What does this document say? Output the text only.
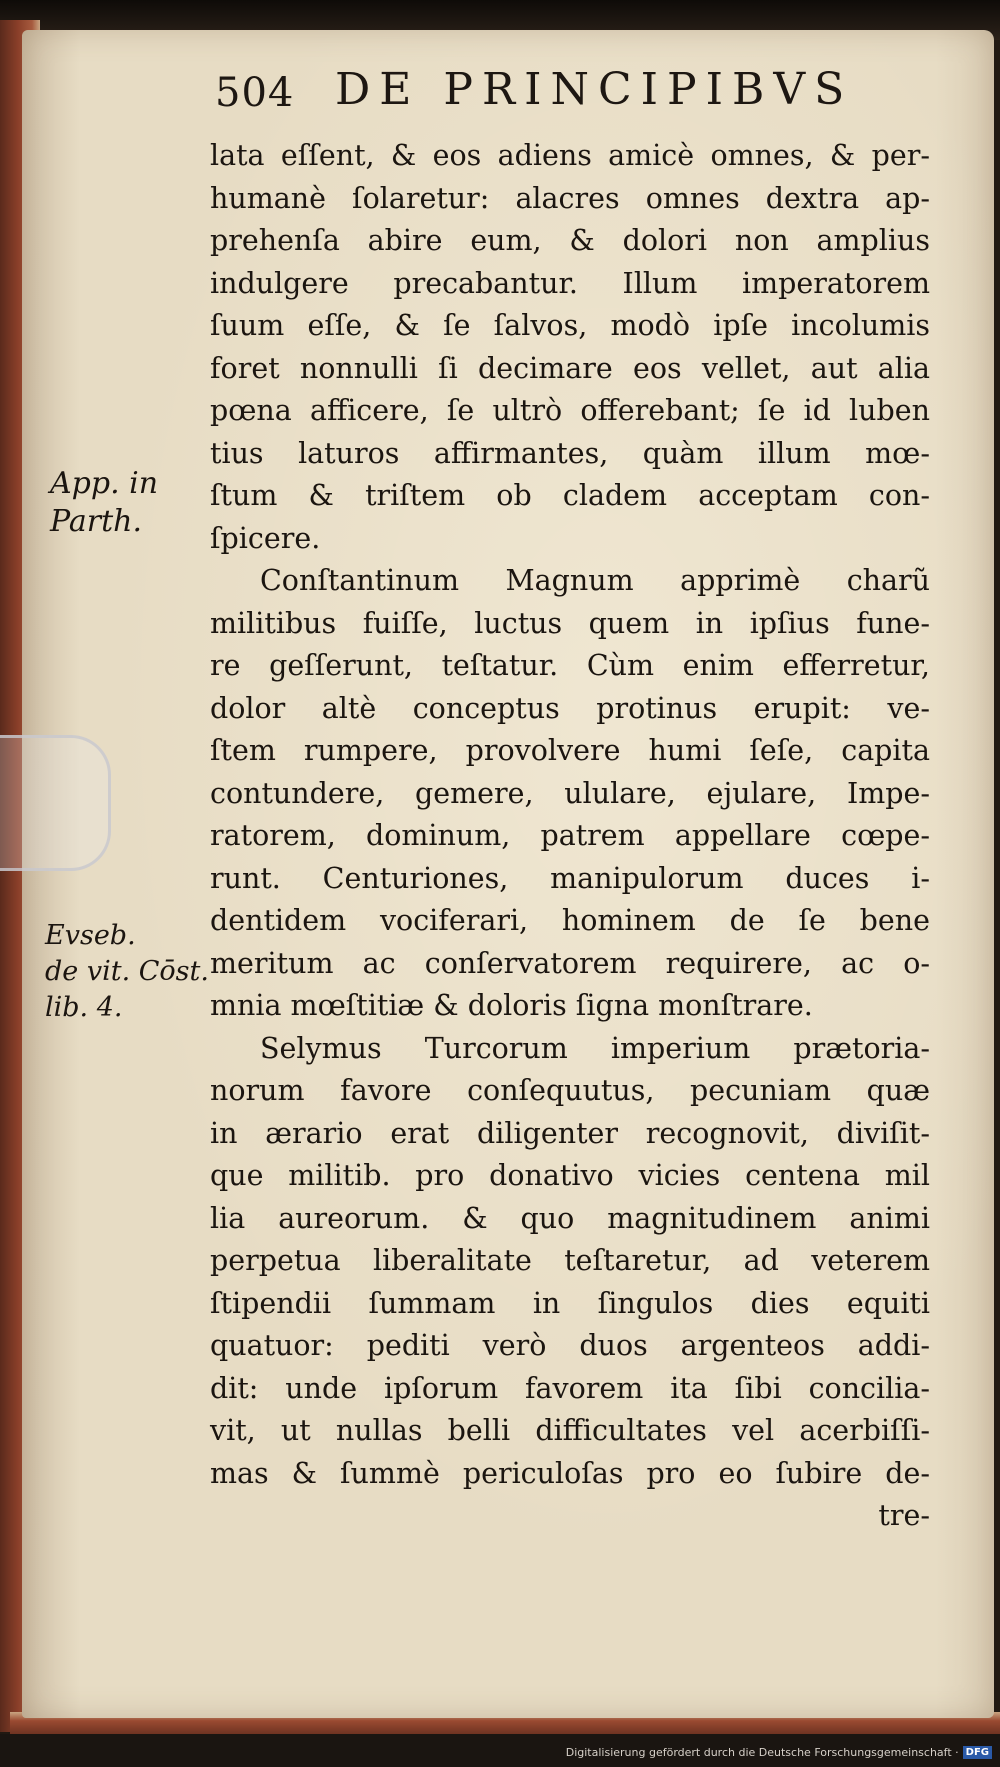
504 DE PRINCIPIBVS
App. in
Parth.
Evseb.
de vit. Cōst.
lib. 4.
lata eſſent, & eos adiens amicè omnes, & per-
humanè ſolaretur: alacres omnes dextra ap-
prehenſa abire eum, & dolori non amplius
indulgere precabantur. Illum imperatorem
ſuum eſſe, & ſe ſalvos, modò ipſe incolumis
foret nonnulli ſi decimare eos vellet, aut alia
pœna afficere, ſe ultrò offerebant; ſe id luben
tius laturos affirmantes, quàm illum mœ-
ſtum & triſtem ob cladem acceptam con-
ſpicere.
Conſtantinum Magnum apprimè charũ
militibus fuiſſe, luctus quem in ipſius fune-
re geſſerunt, teſtatur. Cùm enim efferretur,
dolor altè conceptus protinus erupit: ve-
ſtem rumpere, provolvere humi ſeſe, capita
contundere, gemere, ululare, ejulare, Impe-
ratorem, dominum, patrem appellare cœpe-
runt. Centuriones, manipulorum duces i-
dentidem vociferari, hominem de ſe bene
meritum ac conſervatorem requirere, ac o-
mnia mœſtitiæ & doloris ſigna monſtrare.
Selymus Turcorum imperium prætoria-
norum favore conſequutus, pecuniam quæ
in ærario erat diligenter recognovit, diviſit-
que militib. pro donativo vicies centena mil
lia aureorum. & quo magnitudinem animi
perpetua liberalitate teſtaretur, ad veterem
ſtipendii ſummam in ſingulos dies equiti
quatuor: pediti verò duos argenteos addi-
dit: unde ipſorum favorem ita ſibi concilia-
vit, ut nullas belli difficultates vel acerbiſſi-
mas & ſummè periculoſas pro eo ſubire de-
tre-
Digitalisierung gefördert durch die Deutsche Forschungsgemeinschaft · DFG
